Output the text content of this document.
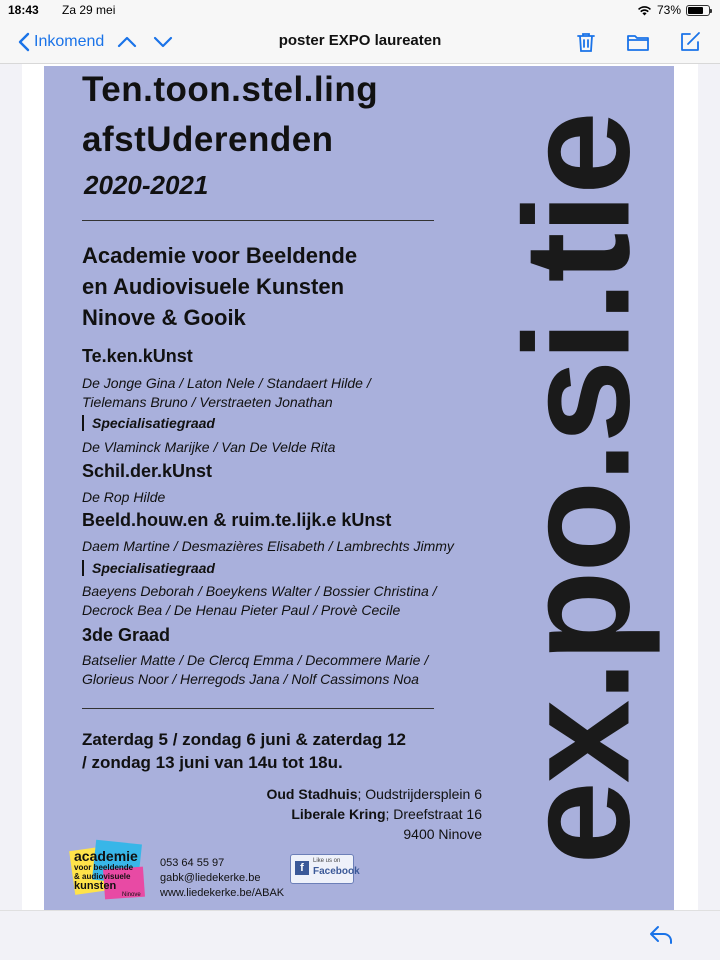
18:43 Za 29 mei	73%
Inkomend	poster EXPO laureaten
Ten.toon.stel.ling
afstUderenden
2020-2021
Academie voor Beeldende
en Audiovisuele Kunsten
Ninove & Gooik
Te.ken.kUnst
De Jonge Gina / Laton Nele / Standaert Hilde /
Tielemans Bruno / Verstraeten Jonathan
Specialisatiegraad
De Vlaminck Marijke / Van De Velde Rita
Schil.der.kUnst
De Rop Hilde
Beeld.houw.en & ruim.te.lijk.e kUnst
Daem Martine / Desmazières Elisabeth / Lambrechts Jimmy
Specialisatiegraad
Baeyens Deborah / Boeykens Walter / Bossier Christina /
Decrock Bea / De Henau Pieter Paul / Provè Cecile
3de Graad
Batselier Matte / De Clercq Emma / Decommere Marie /
Glorieus Noor / Herregods Jana / Nolf Cassimons Noa
Zaterdag 5 / zondag 6 juni & zaterdag 12
/ zondag 13 juni van 14u tot 18u.
Oud Stadhuis; Oudstrijdersplein 6
Liberale Kring; Dreefstraat 16
9400 Ninove
academie
voor beeldende
& audiovisuele
kunsten
Ninove
053 64 55 97
gabk@liedekerke.be
www.liedekerke.be/ABAK
f
Like us on
Facebook
ex.po.si.tie
